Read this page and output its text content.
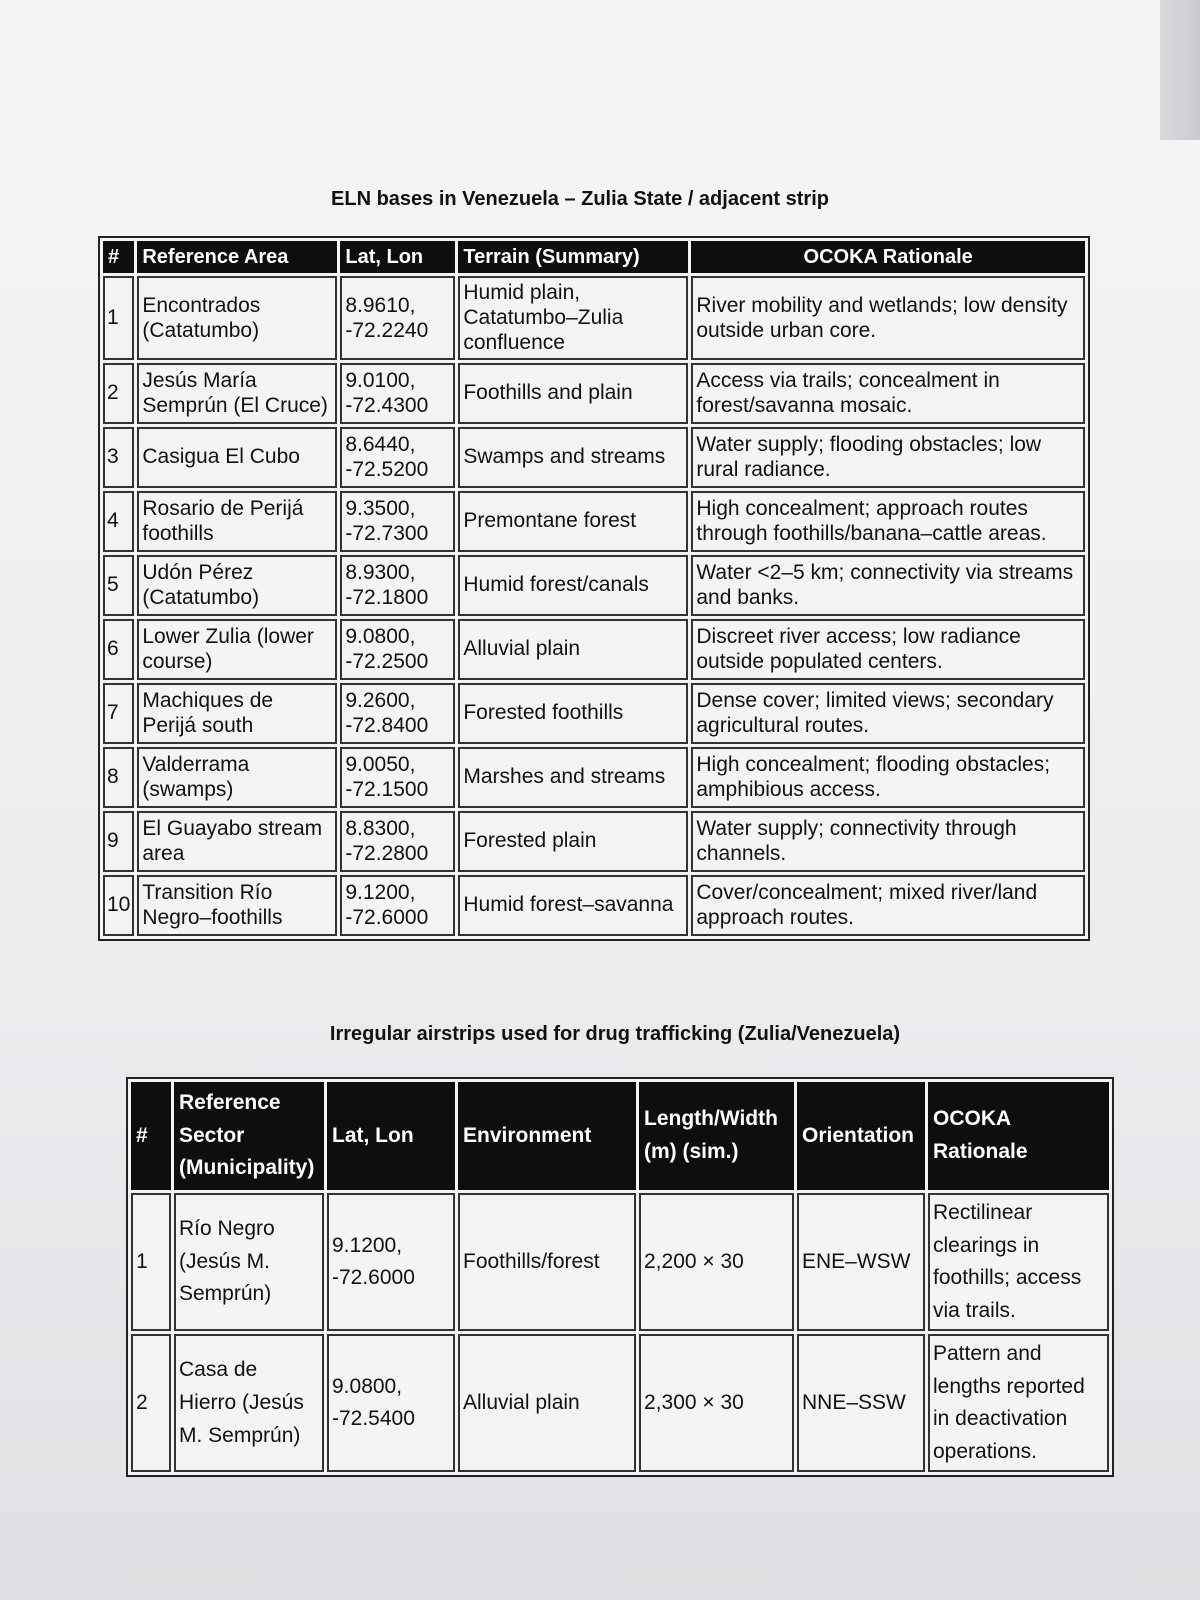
ELN bases in Venezuela – Zulia State / adjacent strip
#	Reference Area	Lat, Lon	Terrain (Summary)	OCOKA Rationale
1	Encontrados (Catatumbo)	8.9610, -72.2240	Humid plain, Catatumbo–Zulia confluence	River mobility and wetlands; low density outside urban core.
2	Jesús María Semprún (El Cruce)	9.0100, -72.4300	Foothills and plain	Access via trails; concealment in forest/savanna mosaic.
3	Casigua El Cubo	8.6440, -72.5200	Swamps and streams	Water supply; flooding obstacles; low rural radiance.
4	Rosario de Perijá foothills	9.3500, -72.7300	Premontane forest	High concealment; approach routes through foothills/banana–cattle areas.
5	Udón Pérez (Catatumbo)	8.9300, -72.1800	Humid forest/canals	Water <2–5 km; connectivity via streams and banks.
6	Lower Zulia (lower course)	9.0800, -72.2500	Alluvial plain	Discreet river access; low radiance outside populated centers.
7	Machiques de Perijá south	9.2600, -72.8400	Forested foothills	Dense cover; limited views; secondary agricultural routes.
8	Valderrama (swamps)	9.0050, -72.1500	Marshes and streams	High concealment; flooding obstacles; amphibious access.
9	El Guayabo stream area	8.8300, -72.2800	Forested plain	Water supply; connectivity through channels.
10	Transition Río Negro–foothills	9.1200, -72.6000	Humid forest–savanna	Cover/concealment; mixed river/land approach routes.
Irregular airstrips used for drug trafficking (Zulia/Venezuela)
#	Reference Sector (Municipality)	Lat, Lon	Environment	Length/Width (m) (sim.)	Orientation	OCOKA Rationale
1	Río Negro (Jesús M. Semprún)	9.1200, -72.6000	Foothills/forest	2,200 × 30	ENE–WSW	Rectilinear clearings in foothills; access via trails.
2	Casa de Hierro (Jesús M. Semprún)	9.0800, -72.5400	Alluvial plain	2,300 × 30	NNE–SSW	Pattern and lengths reported in deactivation operations.
